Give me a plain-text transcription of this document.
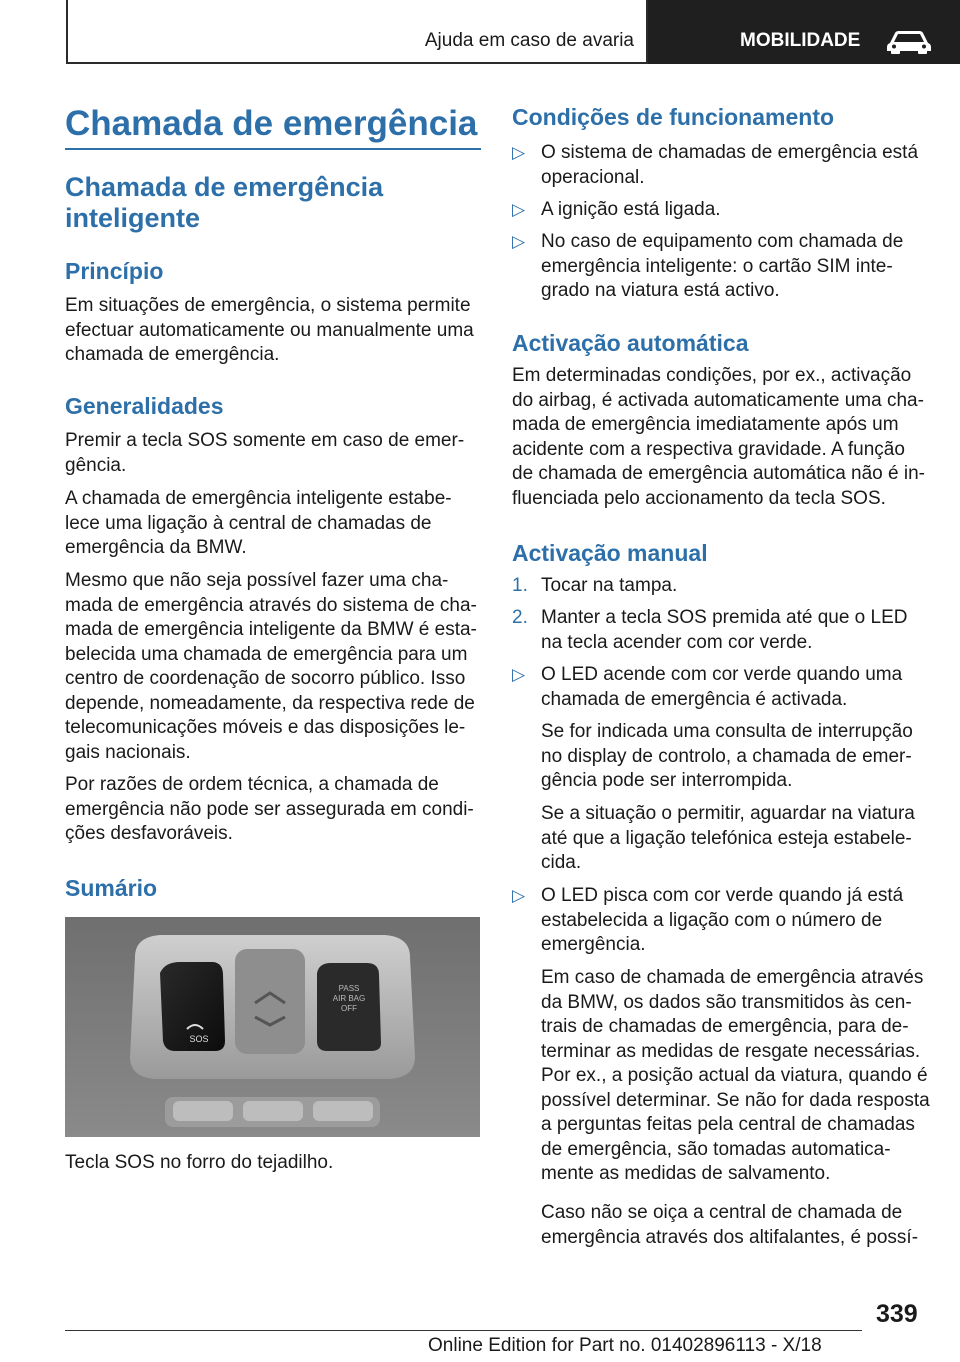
Ajuda em caso de avaria	MOBILIDADE
Chamada de emergência
Chamada de emergência inteligente
Princípio
Em situações de emergência, o sistema permite
efectuar automaticamente ou manualmente uma
chamada de emergência.
Generalidades
Premir a tecla SOS somente em caso de emer‐
gência.
A chamada de emergência inteligente estabe‐
lece uma ligação à central de chamadas de
emergência da BMW.
Mesmo que não seja possível fazer uma cha‐
mada de emergência através do sistema de cha‐
mada de emergência inteligente da BMW é esta‐
belecida uma chamada de emergência para um
centro de coordenação de socorro público. Isso
depende, nomeadamente, da respectiva rede de
telecomunicações móveis e das disposições le‐
gais nacionais.
Por razões de ordem técnica, a chamada de
emergência não pode ser assegurada em condi‐
ções desfavoráveis.
Sumário
SOS
PASS
AIR BAG
OFF
Tecla SOS no forro do tejadilho.
Condições de funcionamento
▷ O sistema de chamadas de emergência está
operacional.
▷ A ignição está ligada.
▷ No caso de equipamento com chamada de
emergência inteligente: o cartão SIM inte‐
grado na viatura está activo.
Activação automática
Em determinadas condições, por ex., activação
do airbag, é activada automaticamente uma cha‐
mada de emergência imediatamente após um
acidente com a respectiva gravidade. A função
de chamada de emergência automática não é in‐
fluenciada pelo accionamento da tecla SOS.
Activação manual
1. Tocar na tampa.
2. Manter a tecla SOS premida até que o LED
na tecla acender com cor verde.
▷ O LED acende com cor verde quando uma
chamada de emergência é activada.
Se for indicada uma consulta de interrupção
no display de controlo, a chamada de emer‐
gência pode ser interrompida.
Se a situação o permitir, aguardar na viatura
até que a ligação telefónica esteja estabele‐
cida.
▷ O LED pisca com cor verde quando já está
estabelecida a ligação com o número de
emergência.
Em caso de chamada de emergência através
da BMW, os dados são transmitidos às cen‐
trais de chamadas de emergência, para de‐
terminar as medidas de resgate necessárias.
Por ex., a posição actual da viatura, quando é
possível determinar. Se não for dada resposta
a perguntas feitas pela central de chamadas
de emergência, são tomadas automatica‐
mente as medidas de salvamento.
Caso não se oiça a central de chamada de
emergência através dos altifalantes, é possí‐
339
Online Edition for Part no. 01402896113 - X/18
